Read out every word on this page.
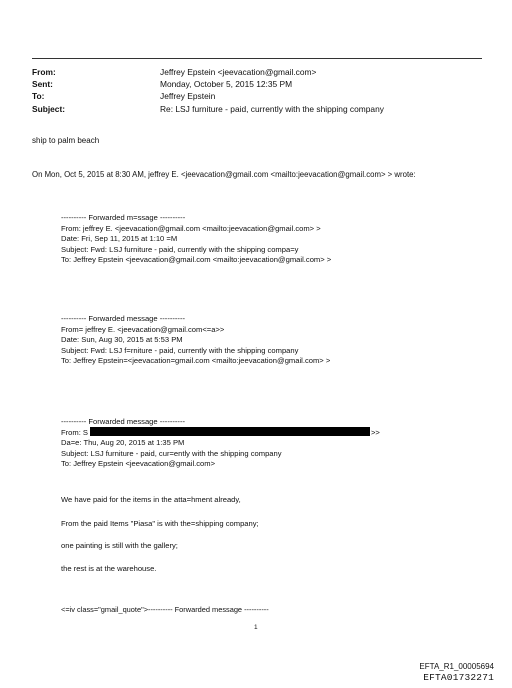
From:	Jeffrey Epstein <jeevacation@gmail.com>
Sent:	Monday, October 5, 2015 12:35 PM
To:	Jeffrey Epstein
Subject:	Re: LSJ furniture - paid, currently with the shipping company
ship to palm beach
On Mon, Oct 5, 2015 at 8:30 AM, jeffrey E. <jeevacation@gmail.com <mailto:jeevacation@gmail.com> > wrote:
---------- Forwarded m=ssage ----------
From: jeffrey E. <jeevacation@gmail.com <mailto:jeevacation@gmail.com> >
Date: Fri, Sep 11, 2015 at 1:10 =M
Subject: Fwd: LSJ furniture - paid, currently with the shipping compa=y
To: Jeffrey Epstein <jeevacation@gmail.com <mailto:jeevacation@gmail.com> >
---------- Forwarded message ----------
From= jeffrey E. <jeevacation@gmail.com<=a>>
Date: Sun, Aug 30, 2015 at 5:53 PM
Subject: Fwd: LSJ f=rniture - paid, currently with the shipping company
To: Jeffrey Epstein=<jeevacation=gmail.com <mailto:jeevacation@gmail.com> >
---------- Forwarded message ----------
From: S	>>
Da=e: Thu, Aug 20, 2015 at 1:35 PM
Subject: LSJ furniture - paid, cur=ently with the shipping company
To: Jeffrey Epstein <jeevacation@gmail.com>
We have paid for the items in the atta=hment already,
From the paid Items "Piasa" is with the=shipping company;
one painting is still with the gallery;
the rest is at the warehouse.
<=iv class="gmail_quote">---------- Forwarded message ----------
1
EFTA_R1_00005694
EFTA01732271
